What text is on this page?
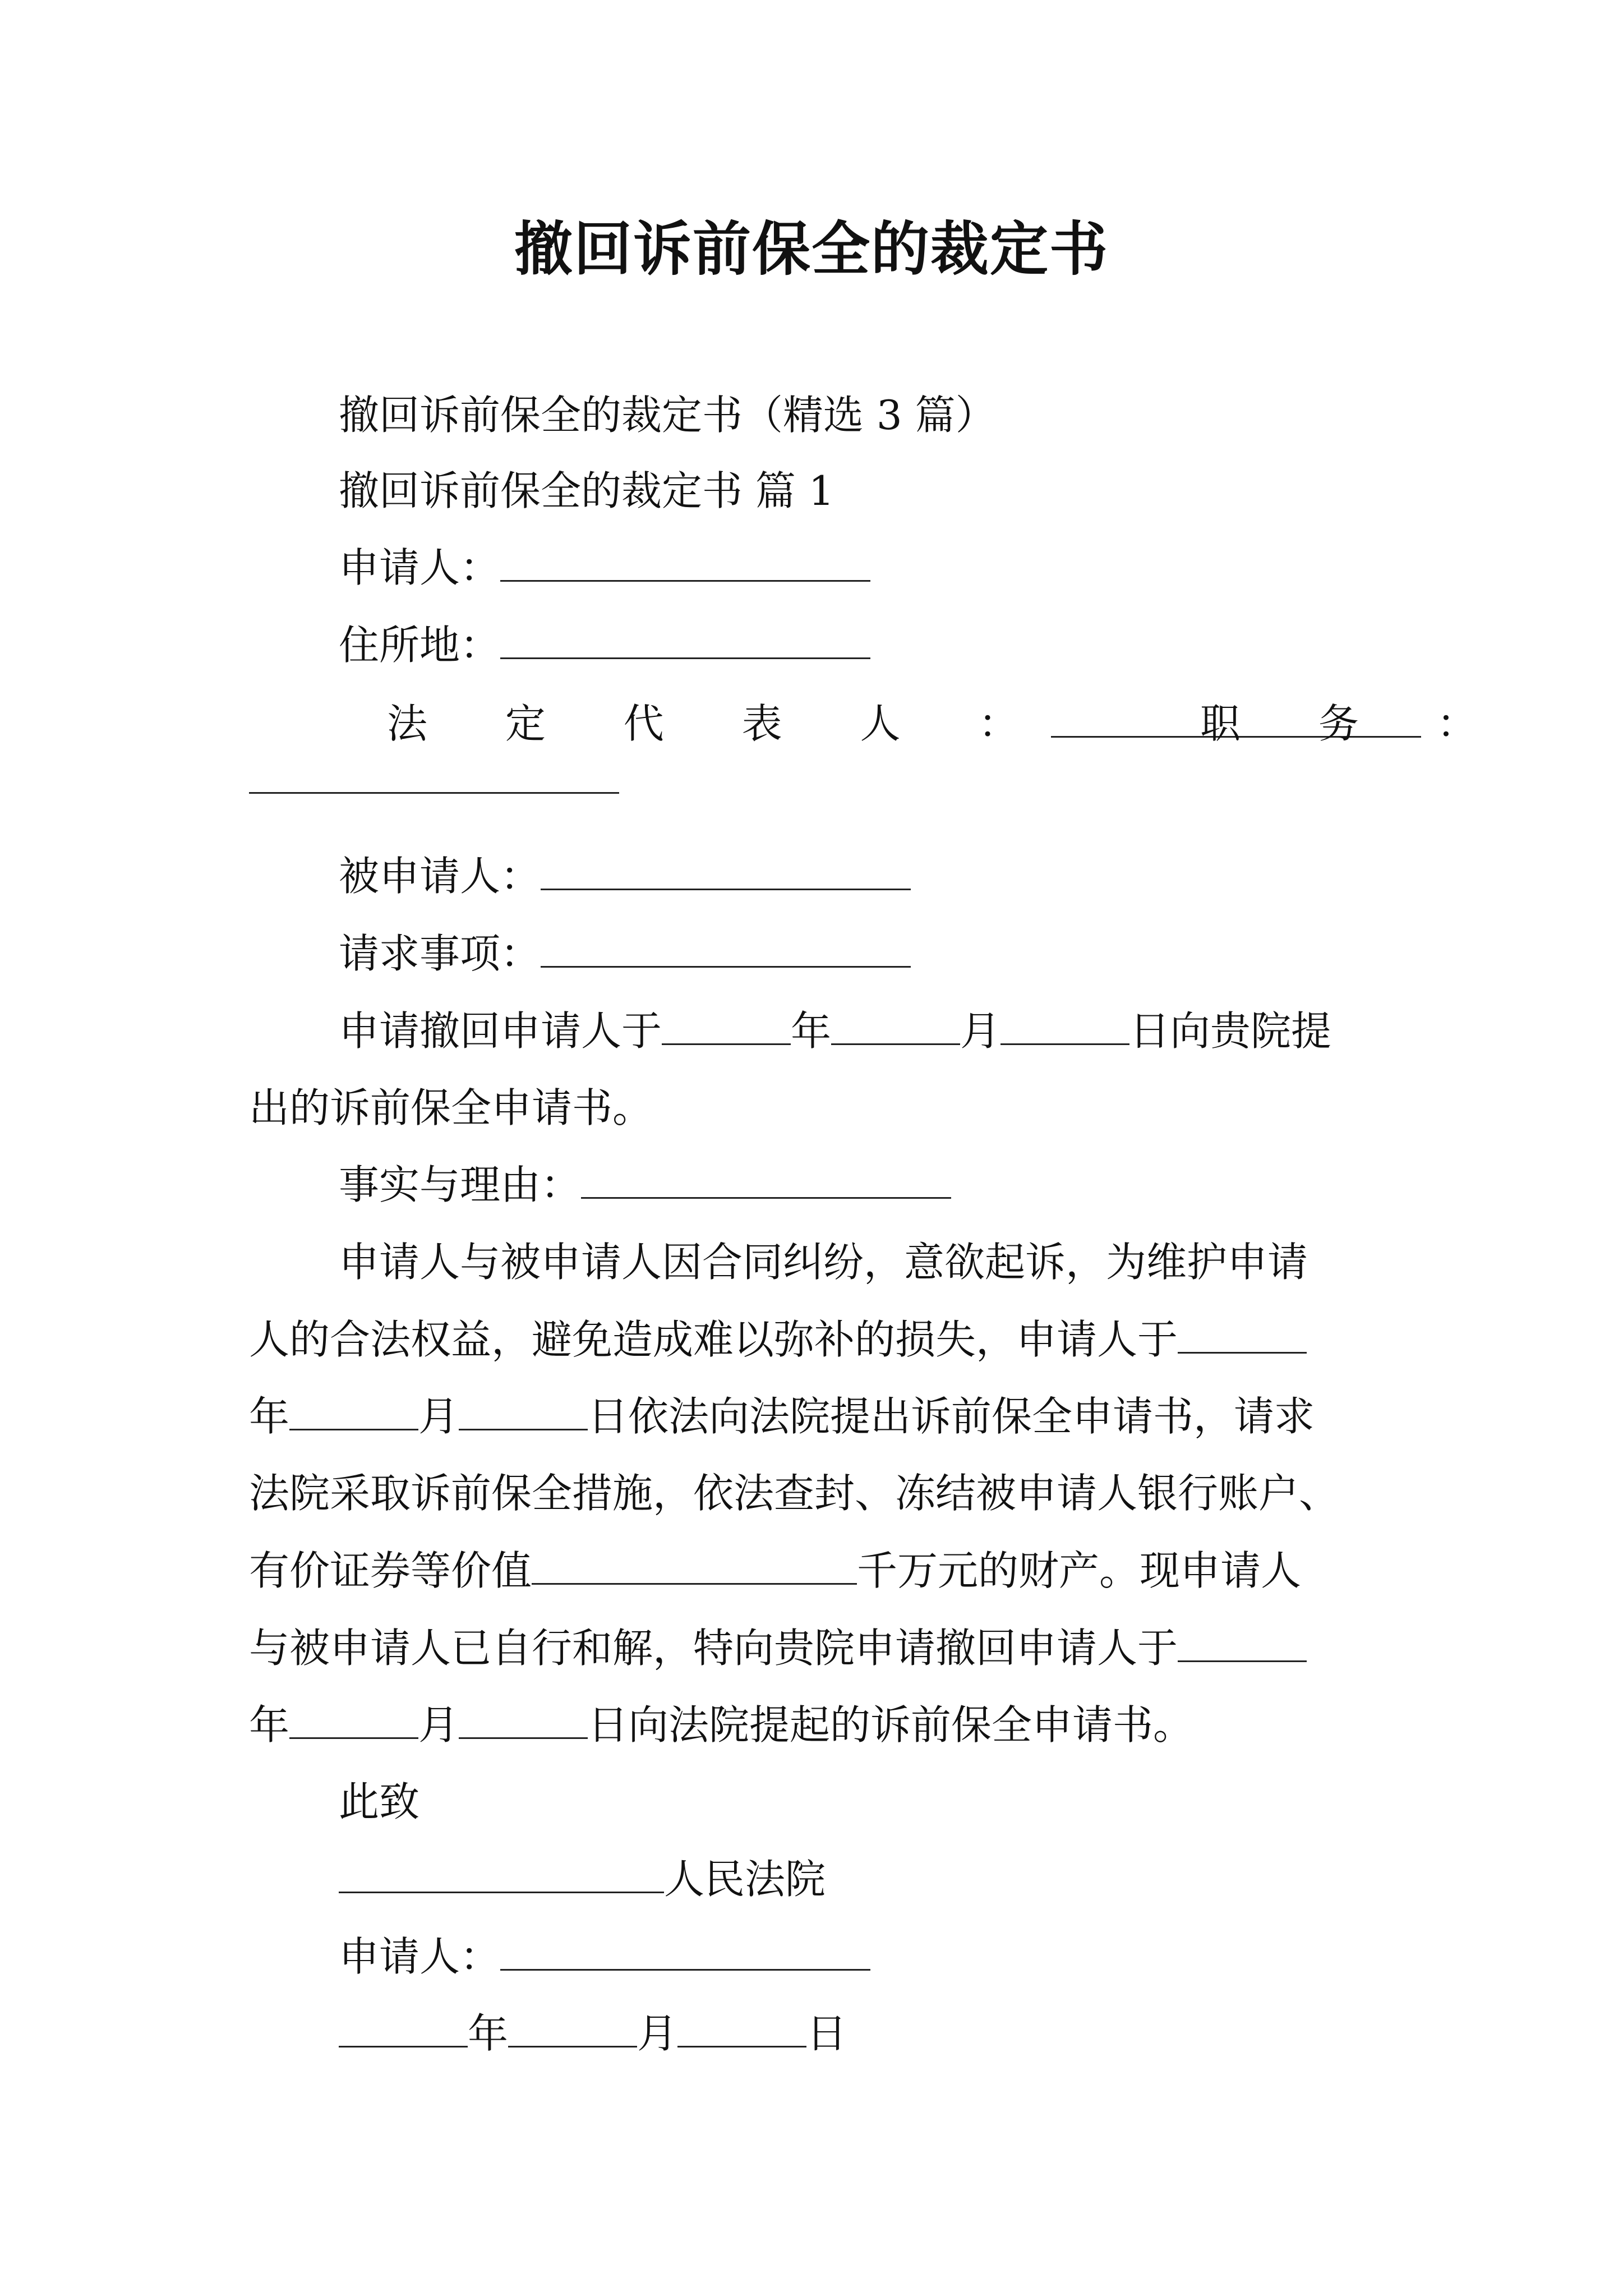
撤回诉前保全的裁定书
撤回诉前保全的裁定书（精选 3 篇）
撤回诉前保全的裁定书 篇 1
申请人：
住所地：
法 定 代 表 人 ：	职 务 ：
被申请人：
请求事项：
申请撤回申请人于	年	月	日向贵院提
出的诉前保全申请书。
事实与理由：
申请人与被申请人因合同纠纷，意欲起诉，为维护申请
人的合法权益，避免造成难以弥补的损失，申请人于
年	月	日依法向法院提出诉前保全申请书，请求
法院采取诉前保全措施，依法查封、冻结被申请人银行账户、
有价证券等价值	千万元的财产。现申请人
与被申请人已自行和解，特向贵院申请撤回申请人于
年	月	日向法院提起的诉前保全申请书。
此致
人民法院
申请人：
年	月	日
